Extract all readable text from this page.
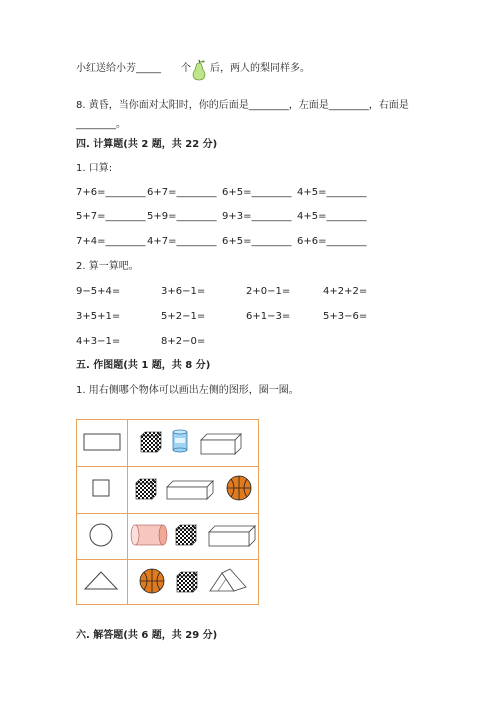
小红送给小芳_____　　个 后，两人的梨同样多。
8. 黄昏，当你面对太阳时，你的后面是________，左面是________，右面是
________。
四. 计算题(共 2 题，共 22 分)
1. 口算:
7+6=________ 6+7=________ 6+5=________ 4+5=________
5+7=________ 5+9=________ 9+3=________ 4+5=________
7+4=________ 4+7=________ 6+5=________ 6+6=________
2. 算一算吧。
9−5+4=	3+6−1=	2+0−1=	4+2+2=
3+5+1=	5+2−1=	6+1−3=	5+3−6=
4+3−1=	8+2−0=
五. 作图题(共 1 题，共 8 分)
1. 用右侧哪个物体可以画出左侧的图形，圈一圈。
六. 解答题(共 6 题，共 29 分)
